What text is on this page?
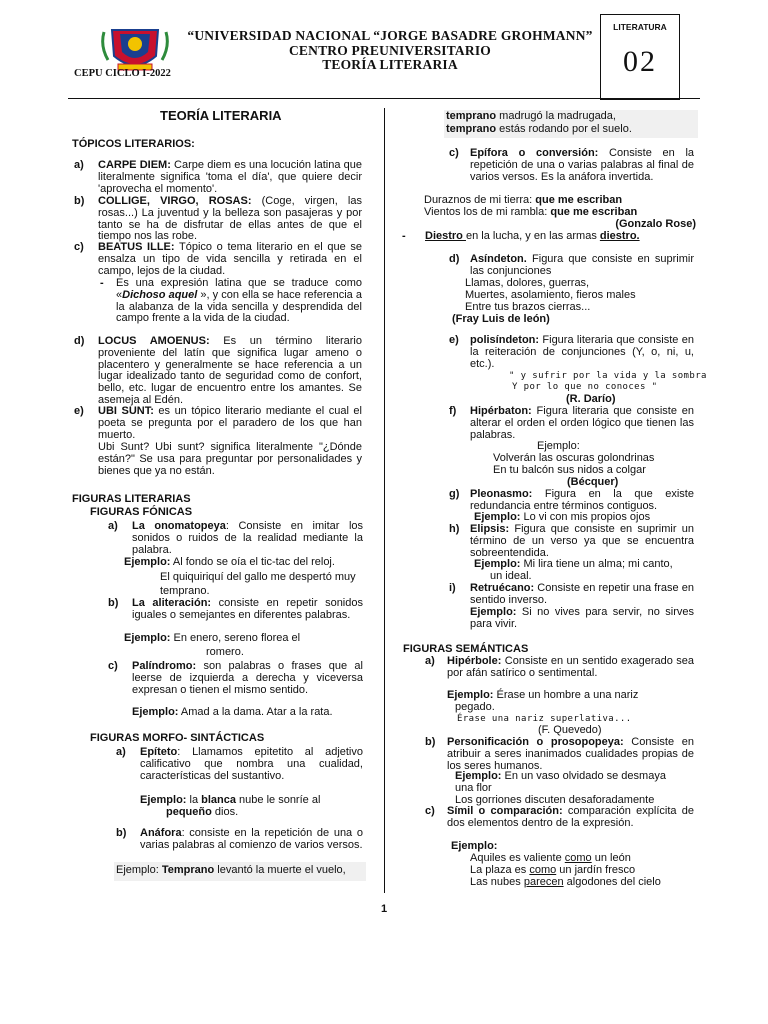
CEPU CICLO I-2022
“UNIVERSIDAD NACIONAL “JORGE BASADRE GROHMANN”
CENTRO PREUNIVERSITARIO
TEORÍA LITERARIA
LITERATURA
02
TEORÍA LITERARIA
TÓPICOS LITERARIOS:
a) CARPE DIEM: Carpe diem es una locución latina que literalmente significa 'toma el día', que quiere decir 'aprovecha el momento'.
b) COLLIGE, VIRGO, ROSAS: (Coge, virgen, las rosas...) La juventud y la belleza son pasajeras y por tanto se ha de disfrutar de ellas antes de que el tiempo nos las robe.
c) BEATUS ILLE: Tópico o tema literario en el que se ensalza un tipo de vida sencilla y retirada en el campo, lejos de la ciudad.
- Es una expresión latina que se traduce como «Dichoso aquel », y con ella se hace referencia a la alabanza de la vida sencilla y desprendida del campo frente a la vida de la ciudad.
d) LOCUS AMOENUS: Es un término literario proveniente del latín que significa lugar ameno o placentero y generalmente se hace referencia a un lugar idealizado tanto de seguridad como de confort, bello, etc. lugar de encuentro entre los amantes. Se asemeja al Edén.
e) UBI SUNT: es un tópico literario mediante el cual el poeta se pregunta por el paradero de los que han muerto.
Ubi Sunt? Ubi sunt? significa literalmente "¿Dónde están?" Se usa para preguntar por personalidades y bienes que ya no están.
FIGURAS LITERARIAS
FIGURAS FÓNICAS
a) La onomatopeya: Consiste en imitar los sonidos o ruidos de la realidad mediante la palabra.
Ejemplo: Al fondo se oía el tic-tac del reloj.
El quiquiriquí del gallo me despertó muy temprano.
b) La aliteración: consiste en repetir sonidos iguales o semejantes en diferentes palabras.
Ejemplo: En enero, sereno florea el
romero.
c) Palíndromo: son palabras o frases que al leerse de izquierda a derecha y viceversa expresan o tienen el mismo sentido.
Ejemplo: Amad a la dama. Atar a la rata.
FIGURAS MORFO- SINTÁCTICAS
a) Epíteto: Llamamos epitetito al adjetivo calificativo que nombra una cualidad, características del sustantivo.
Ejemplo: la blanca nube le sonríe al
pequeño dios.
b) Anáfora: consiste en la repetición de una o varias palabras al comienzo de varios versos.
Ejemplo: Temprano levantó la muerte el vuelo,
temprano madrugó la madrugada,
temprano estás rodando por el suelo.
c) Epífora o conversión: Consiste en la repetición de una o varias palabras al final de varios versos. Es la anáfora invertida.
Duraznos de mi tierra: que me escriban
Vientos los de mi rambla: que me escriban
(Gonzalo Rose)
- Diestro en la lucha, y en las armas diestro.
d) Asíndeton. Figura que consiste en suprimir las conjunciones
Llamas, dolores, guerras,
Muertes, asolamiento, fieros males
Entre tus brazos cierras...
(Fray Luis de león)
e) polisíndeton: Figura literaria que consiste en la reiteración de conjunciones (Y, o, ni, u, etc.).
" y sufrir por la vida y la sombra
Y por lo que no conoces "
(R. Darío)
f) Hipérbaton: Figura literaria que consiste en alterar el orden el orden lógico que tienen las palabras.
Ejemplo:
Volverán las oscuras golondrinas
En tu balcón sus nidos a colgar
(Bécquer)
g) Pleonasmo: Figura en la que existe redundancia entre términos contiguos.
Ejemplo: Lo vi con mis propios ojos
h) Elipsis: Figura que consiste en suprimir un término de un verso ya que se encuentra sobreentendida.
Ejemplo: Mi lira tiene un alma; mi canto,
un ideal.
i) Retruécano: Consiste en repetir una frase en sentido inverso.
Ejemplo: Si no vives para servir, no sirves para vivir.
FIGURAS SEMÁNTICAS
a) Hipérbole: Consiste en un sentido exagerado sea por afán satírico o sentimental.
Ejemplo: Érase un hombre a una nariz
pegado.
Érase una nariz superlativa...
(F. Quevedo)
b) Personificación o prosopopeya: Consiste en atribuir a seres inanimados cualidades propias de los seres humanos.
Ejemplo: En un vaso olvidado se desmaya
una flor
Los gorriones discuten desaforadamente
c) Símil o comparación: comparación explícita de dos elementos dentro de la expresión.
Ejemplo:
Aquiles es valiente como un león
La plaza es como un jardín fresco
Las nubes parecen algodones del cielo
1
